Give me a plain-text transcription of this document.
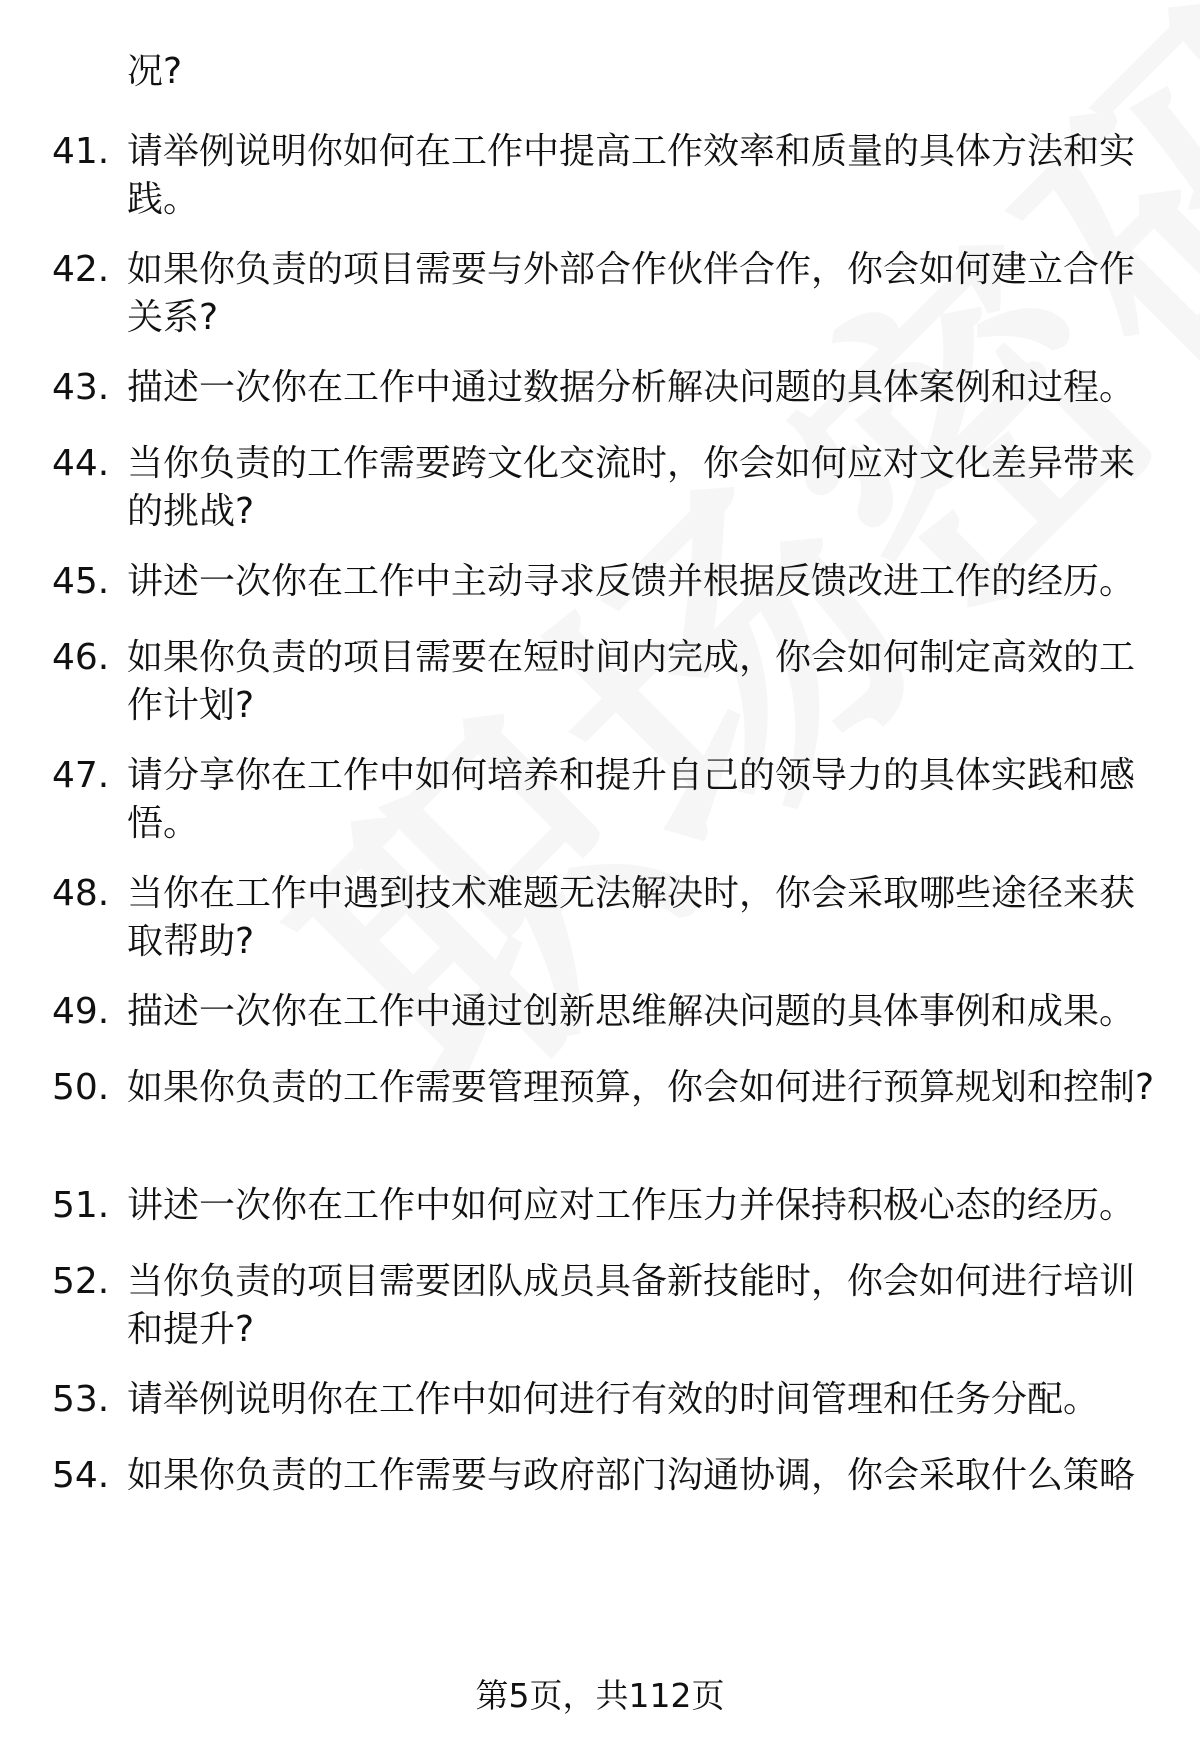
况?
41. 请举例说明你如何在工作中提高工作效率和质量的具体方法和实践。
42. 如果你负责的项目需要与外部合作伙伴合作，你会如何建立合作关系?
43. 描述一次你在工作中通过数据分析解决问题的具体案例和过程。
44. 当你负责的工作需要跨文化交流时，你会如何应对文化差异带来的挑战?
45. 讲述一次你在工作中主动寻求反馈并根据反馈改进工作的经历。
46. 如果你负责的项目需要在短时间内完成，你会如何制定高效的工作计划?
47. 请分享你在工作中如何培养和提升自己的领导力的具体实践和感悟。
48. 当你在工作中遇到技术难题无法解决时，你会采取哪些途径来获取帮助?
49. 描述一次你在工作中通过创新思维解决问题的具体事例和成果。
50. 如果你负责的工作需要管理预算，你会如何进行预算规划和控制?
51. 讲述一次你在工作中如何应对工作压力并保持积极心态的经历。
52. 当你负责的项目需要团队成员具备新技能时，你会如何进行培训和提升?
53. 请举例说明你在工作中如何进行有效的时间管理和任务分配。
54. 如果你负责的工作需要与政府部门沟通协调，你会采取什么策略
第5页，共112页
